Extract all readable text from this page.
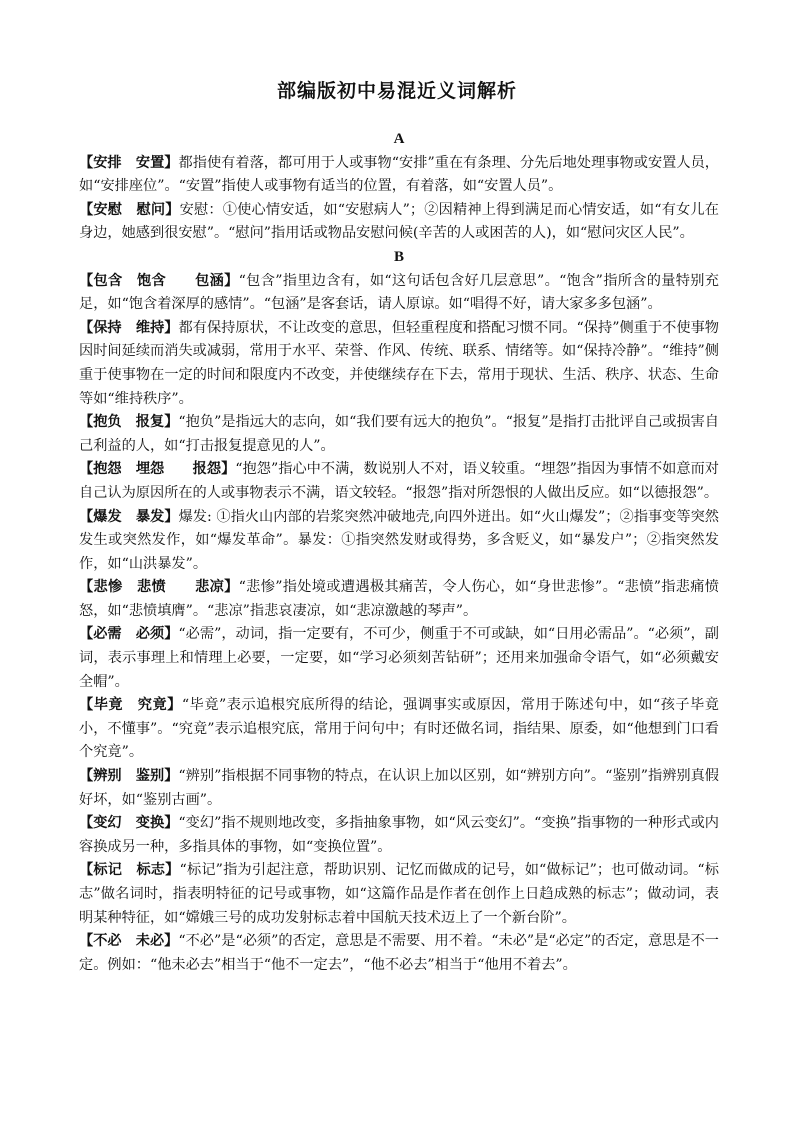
部编版初中易混近义词解析

A

【安排　安置】都指使有着落，都可用于人或事物“安排”重在有条理、分先后地处理事物或安置人员，如“安排座位”。“安置”指使人或事物有适当的位置，有着落，如“安置人员”。

【安慰　慰问】安慰：①使心情安适，如“安慰病人”；②因精神上得到满足而心情安适，如“有女儿在身边，她感到很安慰”。“慰问”指用话或物品安慰问候(辛苦的人或困苦的人)，如“慰问灾区人民”。

B

【包含　饱含　　包涵】“包含”指里边含有，如“这句话包含好几层意思”。“饱含”指所含的量特别充足，如“饱含着深厚的感情”。“包涵”是客套话，请人原谅。如“唱得不好，请大家多多包涵”。

【保持　维持】都有保持原状，不让改变的意思，但轻重程度和搭配习惯不同。“保持”侧重于不使事物因时间延续而消失或减弱，常用于水平、荣誉、作风、传统、联系、情绪等。如“保持冷静”。“维持”侧重于使事物在一定的时间和限度内不改变，并使继续存在下去，常用于现状、生活、秩序、状态、生命等如“维持秩序”。

【抱负　报复】“抱负”是指远大的志向，如“我们要有远大的抱负”。“报复”是指打击批评自己或损害自己利益的人，如“打击报复提意见的人”。

【抱怨　埋怨　　报怨】“抱怨”指心中不满，数说别人不对，语义较重。“埋怨”指因为事情不如意而对自己认为原因所在的人或事物表示不满，语文较轻。“报怨”指对所怨恨的人做出反应。如“以德报怨”。

【爆发　暴发】爆发: ①指火山内部的岩浆突然冲破地壳,向四外迸出。如“火山爆发”；②指事变等突然发生或突然发作，如“爆发革命”。暴发：①指突然发财或得势，多含贬义，如“暴发户”；②指突然发作，如“山洪暴发”。

【悲惨　悲愤　　悲凉】“悲惨”指处境或遭遇极其痛苦，令人伤心，如“身世悲惨”。“悲愤”指悲痛愤怒，如“悲愤填膺”。“悲凉”指悲哀凄凉，如“悲凉激越的琴声”。

【必需　必须】“必需”，动词，指一定要有，不可少，侧重于不可或缺，如“日用必需品”。“必须”，副词，表示事理上和情理上必要，一定要，如“学习必须刻苦钻研”；还用来加强命令语气，如“必须戴安全帽”。

【毕竟　究竟】“毕竟”表示追根究底所得的结论，强调事实或原因，常用于陈述句中，如“孩子毕竟小，不懂事”。“究竟”表示追根究底，常用于问句中；有时还做名词，指结果、原委，如“他想到门口看个究竟”。

【辨别　鉴别】“辨别”指根据不同事物的特点，在认识上加以区别，如“辨别方向”。“鉴别”指辨别真假好坏，如“鉴别古画”。

【变幻　变换】“变幻”指不规则地改变，多指抽象事物，如“风云变幻”。“变换”指事物的一种形式或内容换成另一种，多指具体的事物，如“变换位置”。

【标记　标志】“标记”指为引起注意，帮助识别、记忆而做成的记号，如“做标记”；也可做动词。“标志”做名词时，指表明特征的记号或事物，如“这篇作品是作者在创作上日趋成熟的标志”；做动词，表明某种特征，如“嫦娥三号的成功发射标志着中国航天技术迈上了一个新台阶”。

【不必　未必】“不必”是“必须”的否定，意思是不需要、用不着。“未必”是“必定”的否定，意思是不一定。例如：“他未必去”相当于“他不一定去”，“他不必去”相当于“他用不着去”。
